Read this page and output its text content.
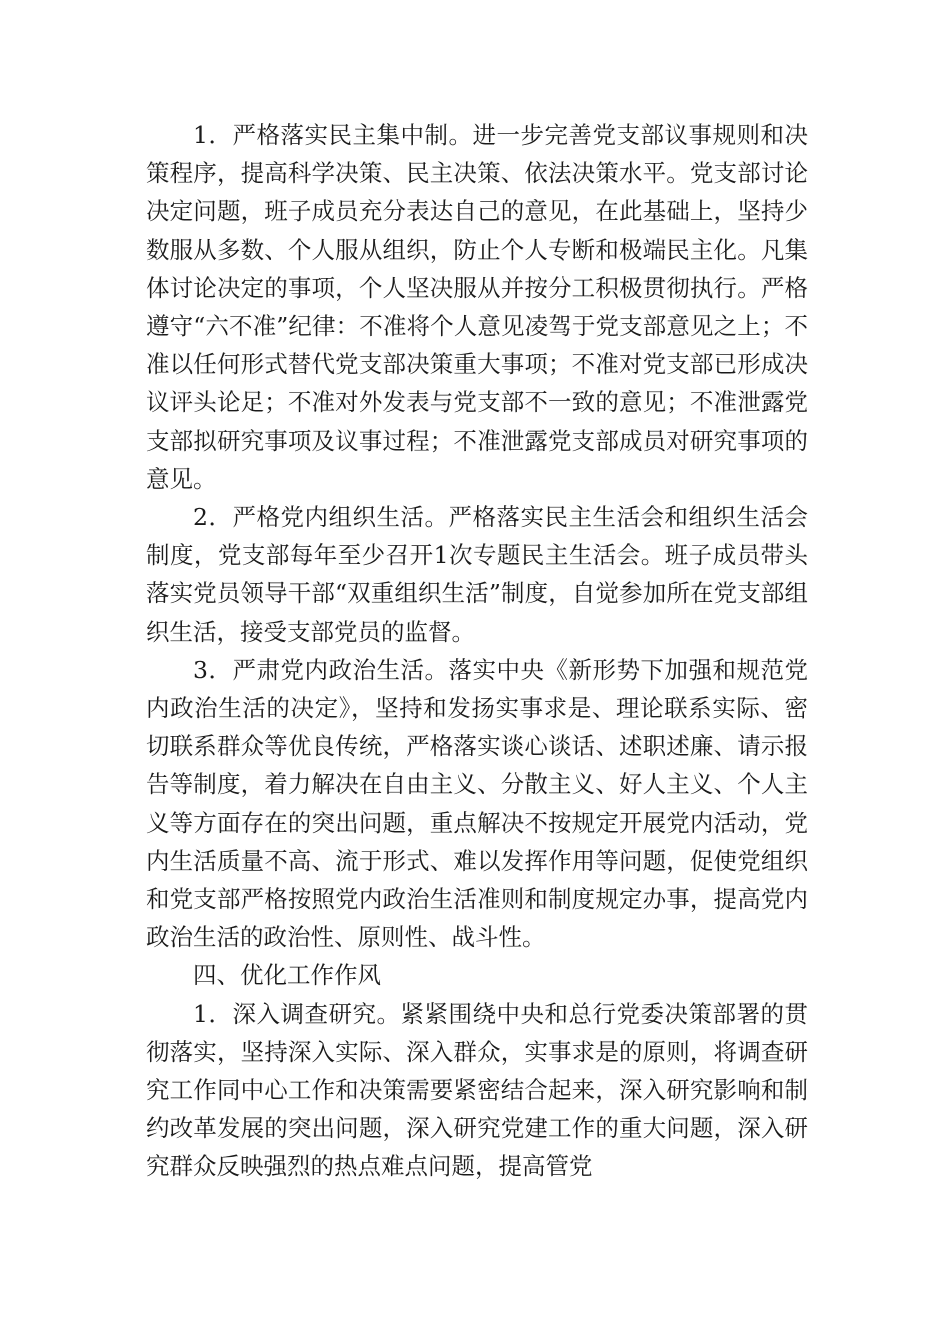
1．严格落实民主集中制。进一步完善党支部议事规则和决策程序，提高科学决策、民主决策、依法决策水平。党支部讨论决定问题，班子成员充分表达自己的意见，在此基础上，坚持少数服从多数、个人服从组织，防止个人专断和极端民主化。凡集体讨论决定的事项，个人坚决服从并按分工积极贯彻执行。严格遵守“六不准”纪律：不准将个人意见凌驾于党支部意见之上；不准以任何形式替代党支部决策重大事项；不准对党支部已形成决议评头论足；不准对外发表与党支部不一致的意见；不准泄露党支部拟研究事项及议事过程；不准泄露党支部成员对研究事项的意见。

2．严格党内组织生活。严格落实民主生活会和组织生活会制度，党支部每年至少召开1次专题民主生活会。班子成员带头落实党员领导干部“双重组织生活”制度，自觉参加所在党支部组织生活，接受支部党员的监督。

3．严肃党内政治生活。落实中央《新形势下加强和规范党内政治生活的决定》，坚持和发扬实事求是、理论联系实际、密切联系群众等优良传统，严格落实谈心谈话、述职述廉、请示报告等制度，着力解决在自由主义、分散主义、好人主义、个人主义等方面存在的突出问题，重点解决不按规定开展党内活动，党内生活质量不高、流于形式、难以发挥作用等问题，促使党组织和党支部严格按照党内政治生活准则和制度规定办事，提高党内政治生活的政治性、原则性、战斗性。

四、优化工作作风

1．深入调查研究。紧紧围绕中央和总行党委决策部署的贯彻落实，坚持深入实际、深入群众，实事求是的原则，将调查研究工作同中心工作和决策需要紧密结合起来，深入研究影响和制约改革发展的突出问题，深入研究党建工作的重大问题，深入研究群众反映强烈的热点难点问题，提高管党
